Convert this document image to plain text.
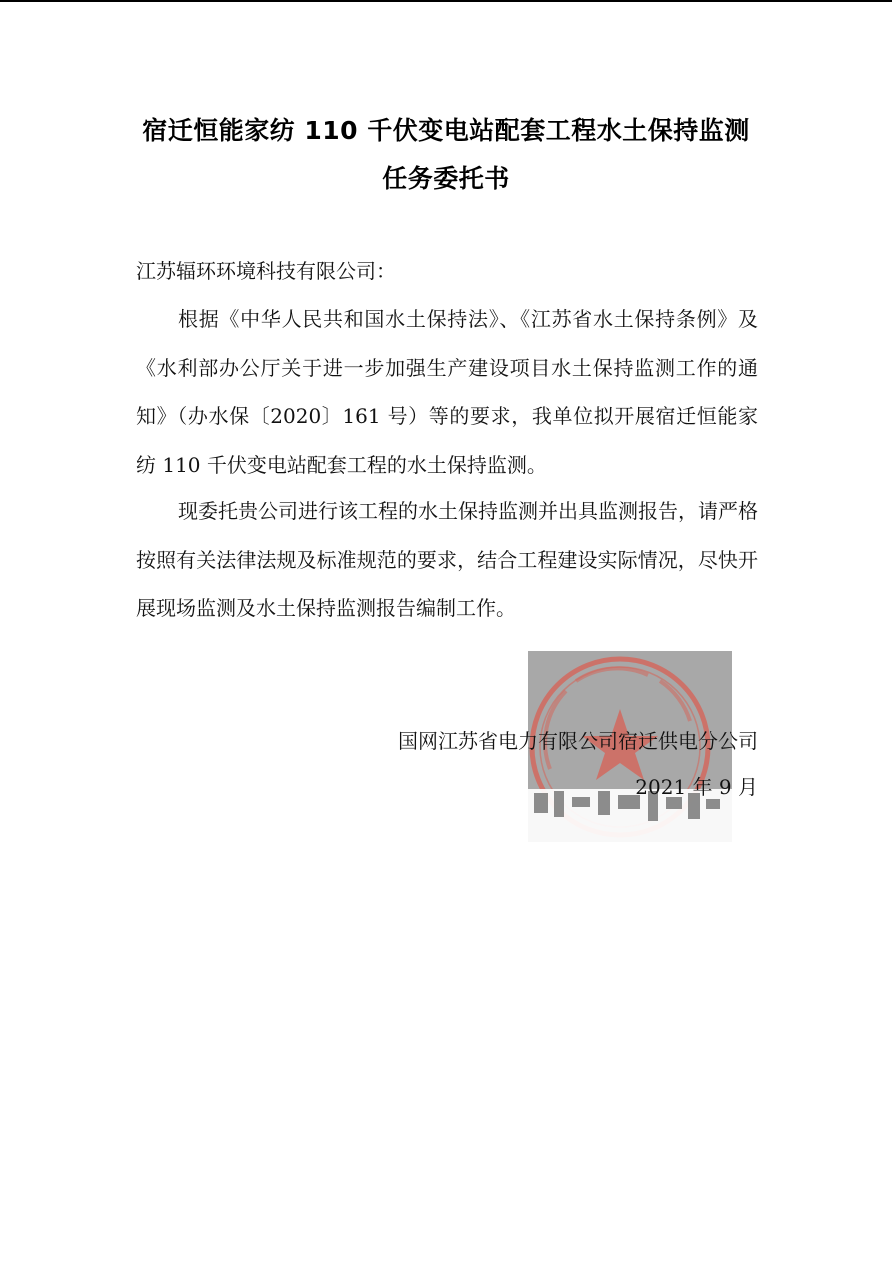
宿迁恒能家纺 110 千伏变电站配套工程水土保持监测
任务委托书
江苏辐环环境科技有限公司：
根据《中华人民共和国水土保持法》、《江苏省水土保持条例》及《水利部办公厅关于进一步加强生产建设项目水土保持监测工作的通知》（办水保〔2020〕161 号）等的要求，我单位拟开展宿迁恒能家纺 110 千伏变电站配套工程的水土保持监测。
现委托贵公司进行该工程的水土保持监测并出具监测报告，请严格按照有关法律法规及标准规范的要求，结合工程建设实际情况，尽快开展现场监测及水土保持监测报告编制工作。
国网江苏省电力有限公司宿迁供电分公司
2021 年 9 月
